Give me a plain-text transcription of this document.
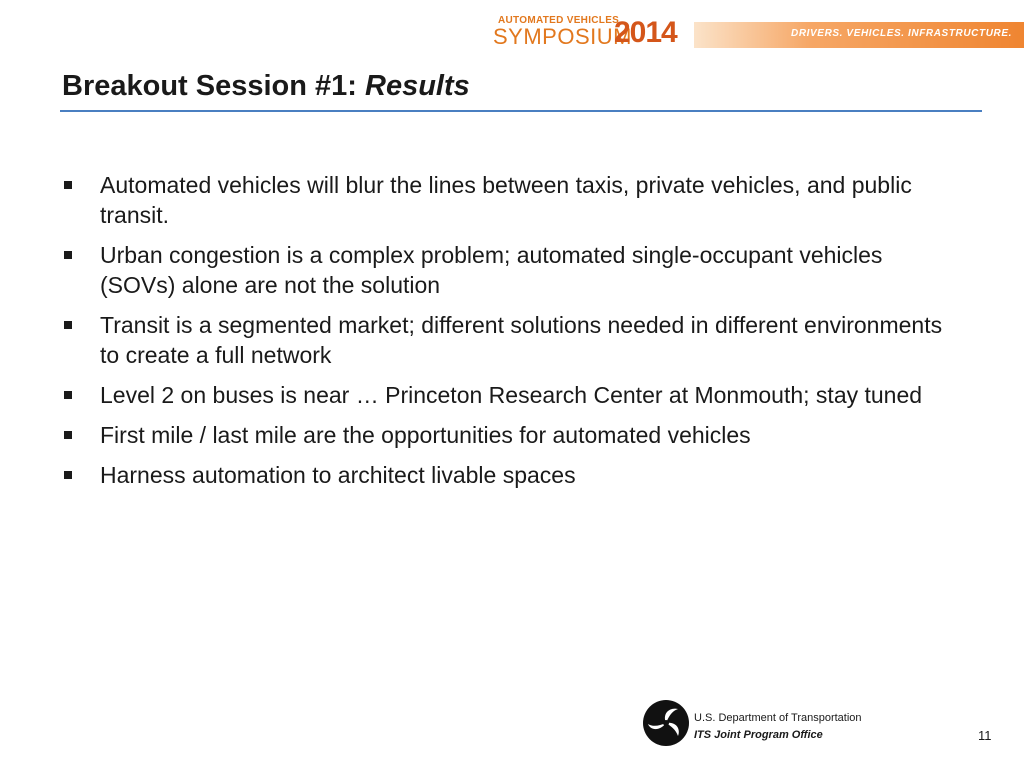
AUTOMATED VEHICLES
SYMPOSIUM
2014	DRIVERS. VEHICLES. INFRASTRUCTURE.
Breakout Session #1: Results
Automated vehicles will blur the lines between taxis, private vehicles, and public transit.
Urban congestion is a complex problem; automated single-occupant vehicles (SOVs) alone are not the solution
Transit is a segmented market; different solutions needed in different environments to create a full network
Level 2 on buses is near … Princeton Research Center at Monmouth; stay tuned
First mile / last mile are the opportunities for automated vehicles
Harness automation to architect livable spaces
U.S. Department of Transportation
ITS Joint Program Office	11
